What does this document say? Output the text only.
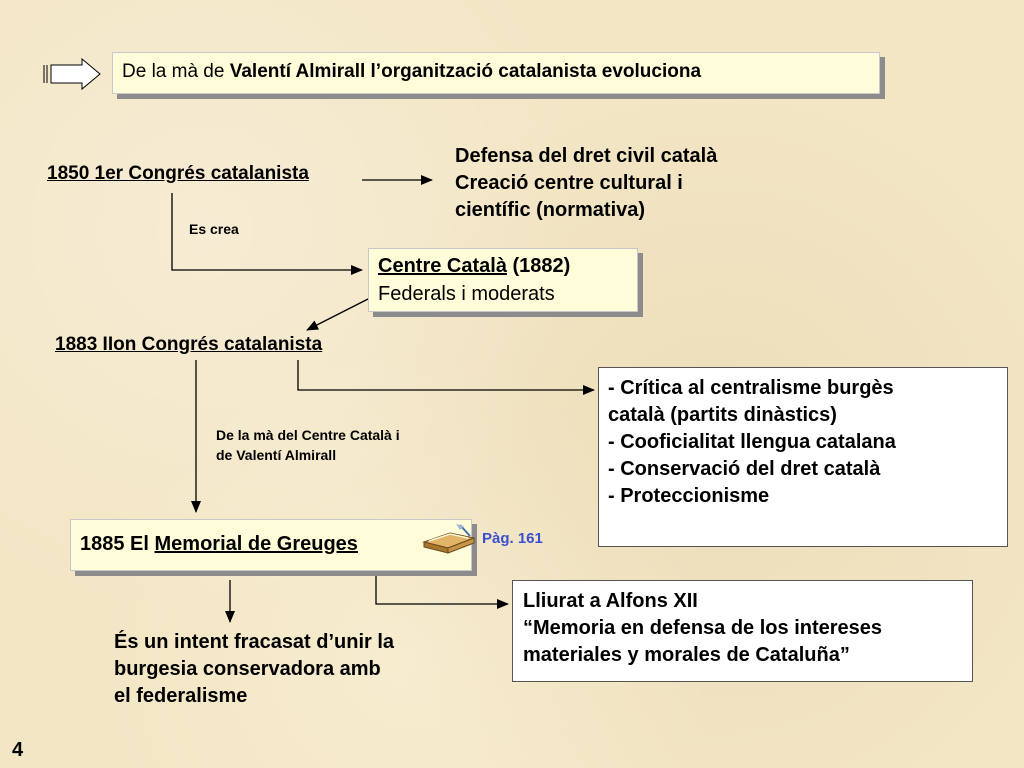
De la mà de Valentí Almirall l’organització catalanista evoluciona
1850 1er Congrés catalanista
Defensa del dret civil català
Creació centre cultural i
científic (normativa)
Es crea
Centre Català (1882)
Federals i moderats
1883 IIon Congrés catalanista
- Crítica al centralisme burgès
català (partits dinàstics)
- Cooficialitat llengua catalana
- Conservació del dret català
- Proteccionisme
De la mà del Centre Català i
de Valentí Almirall
1885 El Memorial de Greuges	Pàg. 161
Lliurat a Alfons XII
“Memoria en defensa de los intereses
materiales y morales de Cataluña”
És un intent fracasat d’unir la
burgesia conservadora amb
el federalisme
4
